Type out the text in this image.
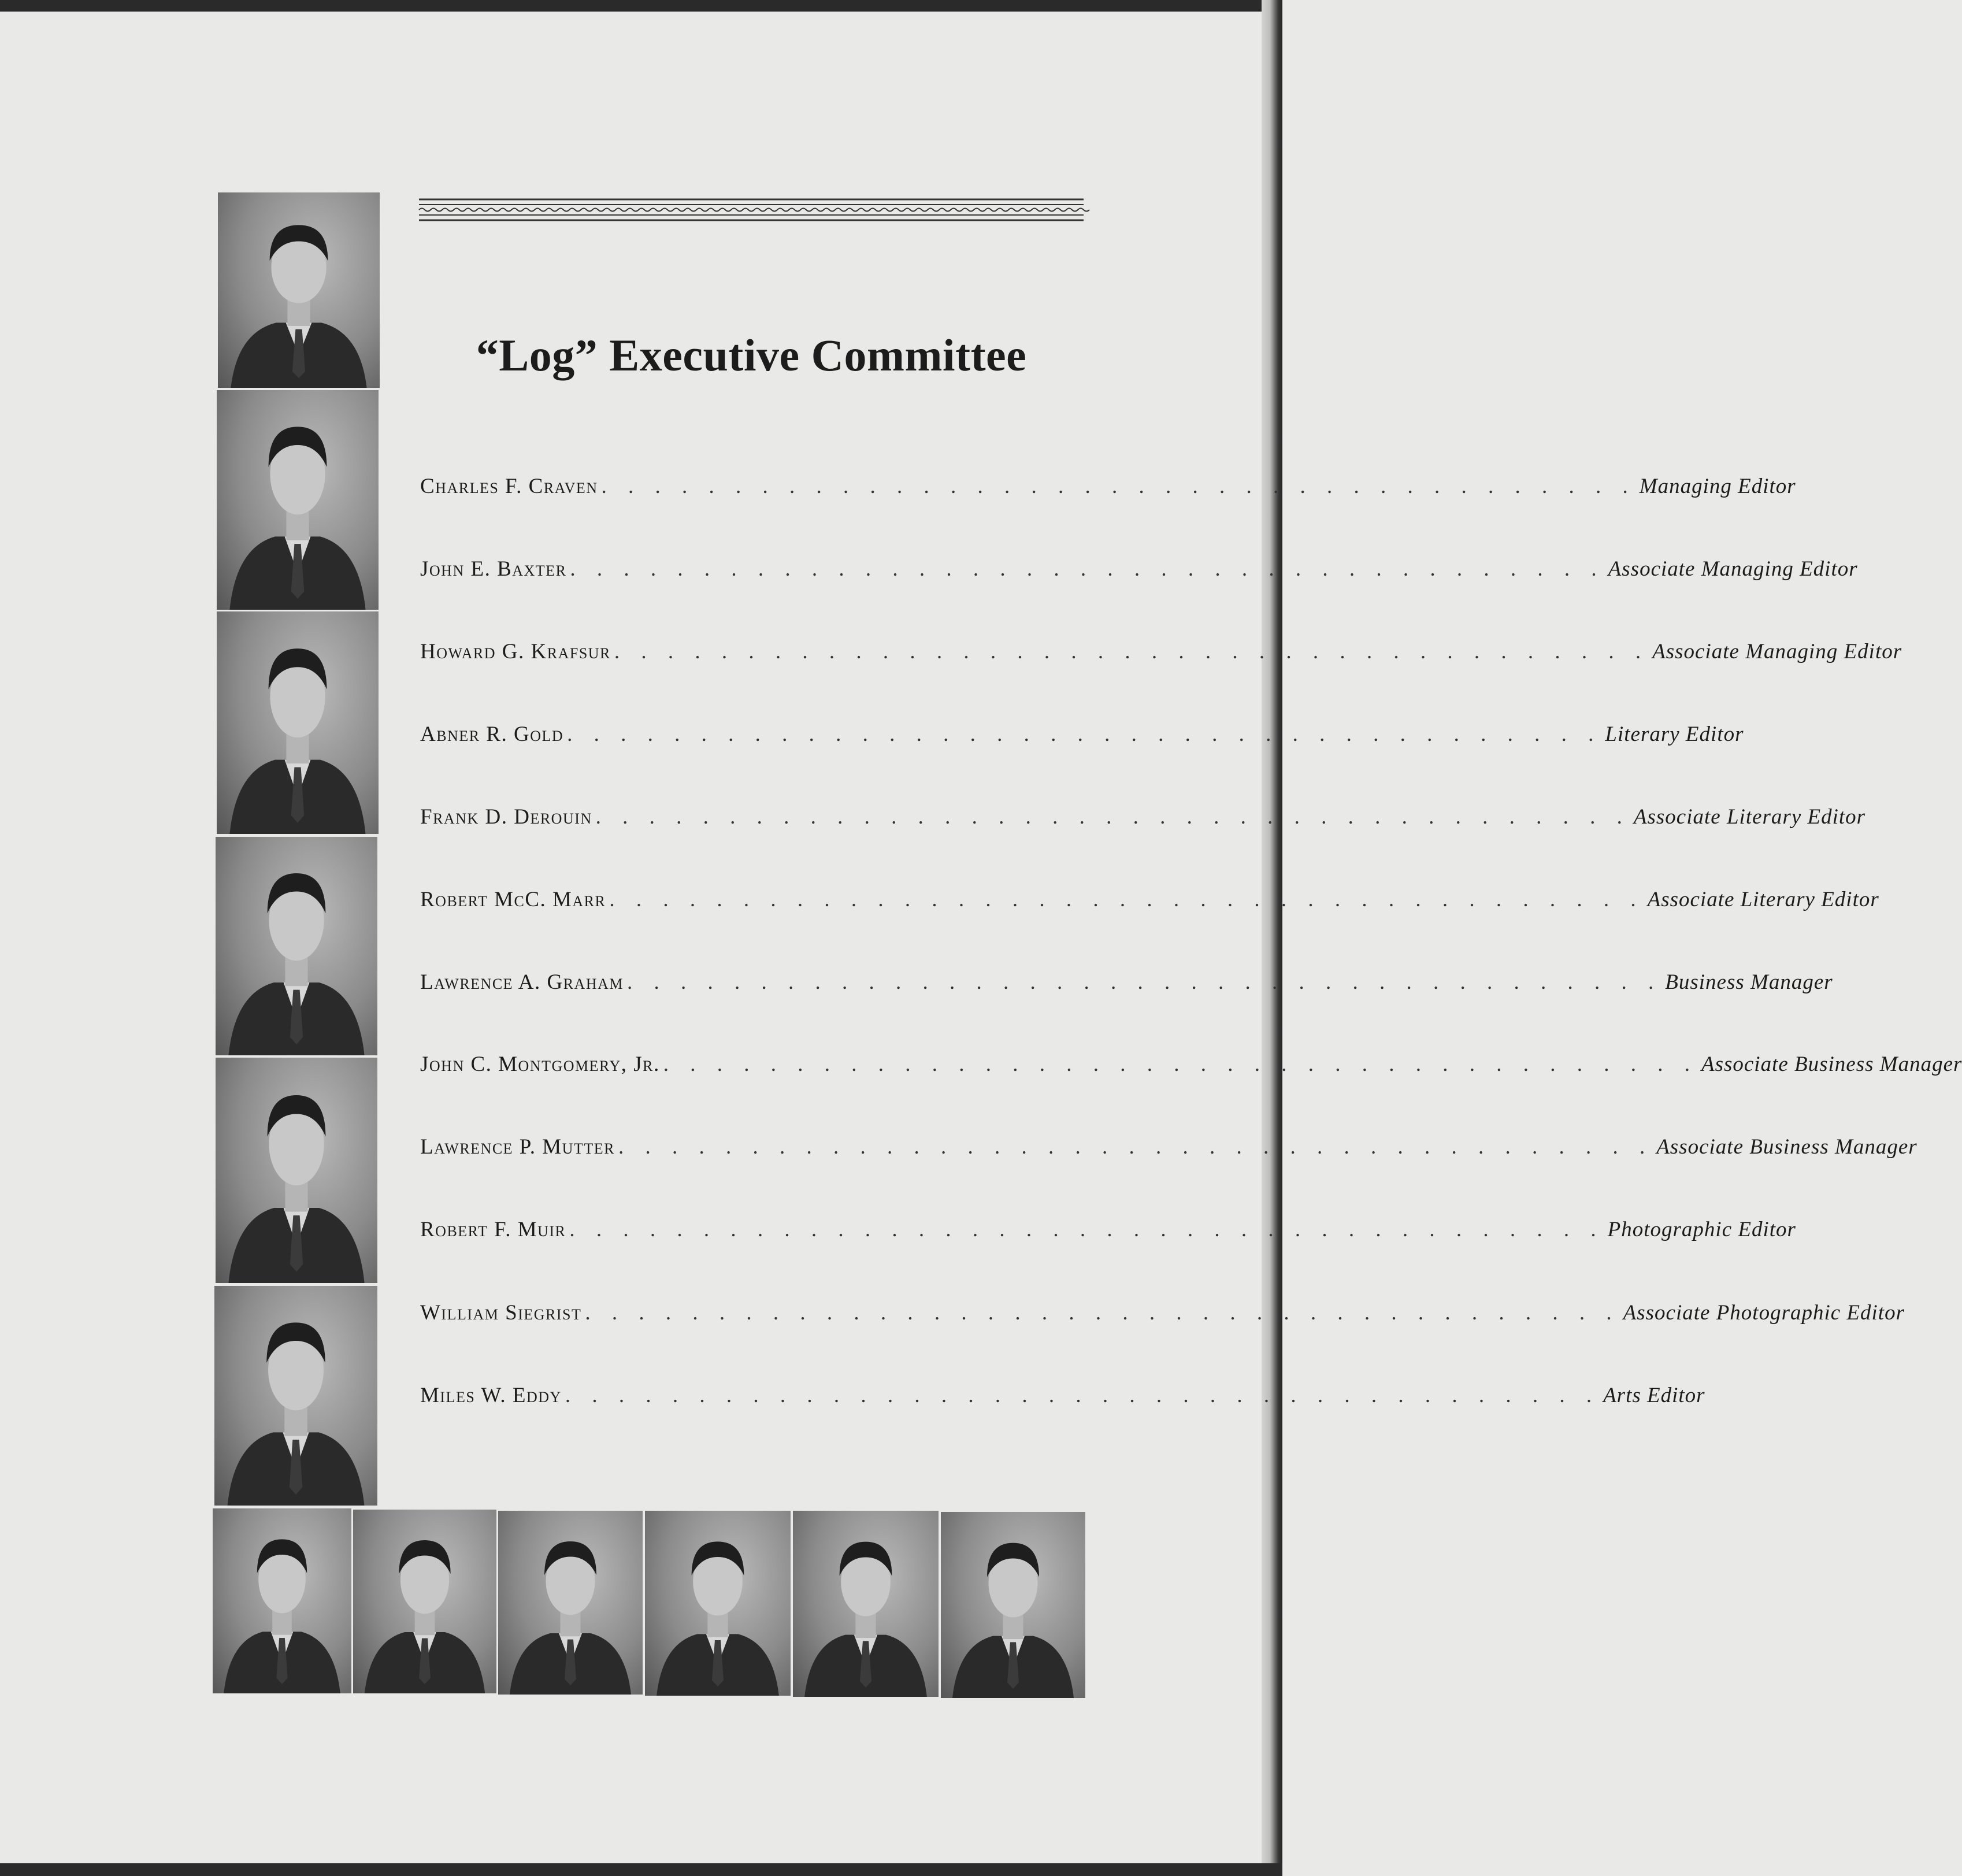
“Log” Executive Committee
Charles F. Craven . . . . . . . . . . . . . . . . . . . . . . . . . . . . . . . . . . . . . . . Managing Editor
John E. Baxter . . . . . . . . . . . . . . . . . . . . . . . . . . . . . . . . . . . . . . . Associate Managing Editor
Howard G. Krafsur . . . . . . . . . . . . . . . . . . . . . . . . . . . . . . . . . . . . . . . Associate Managing Editor
Abner R. Gold . . . . . . . . . . . . . . . . . . . . . . . . . . . . . . . . . . . . . . . Literary Editor
Frank D. Derouin . . . . . . . . . . . . . . . . . . . . . . . . . . . . . . . . . . . . . . . Associate Literary Editor
Robert McC. Marr . . . . . . . . . . . . . . . . . . . . . . . . . . . . . . . . . . . . . . . Associate Literary Editor
Lawrence A. Graham . . . . . . . . . . . . . . . . . . . . . . . . . . . . . . . . . . . . . . . Business Manager
John C. Montgomery, Jr. . . . . . . . . . . . . . . . . . . . . . . . . . . . . . . . . . . . . . . . Associate Business Manager
Lawrence P. Mutter . . . . . . . . . . . . . . . . . . . . . . . . . . . . . . . . . . . . . . . Associate Business Manager
Robert F. Muir . . . . . . . . . . . . . . . . . . . . . . . . . . . . . . . . . . . . . . . Photographic Editor
William Siegrist . . . . . . . . . . . . . . . . . . . . . . . . . . . . . . . . . . . . . . . Associate Photographic Editor
Miles W. Eddy . . . . . . . . . . . . . . . . . . . . . . . . . . . . . . . . . . . . . . . Arts Editor
